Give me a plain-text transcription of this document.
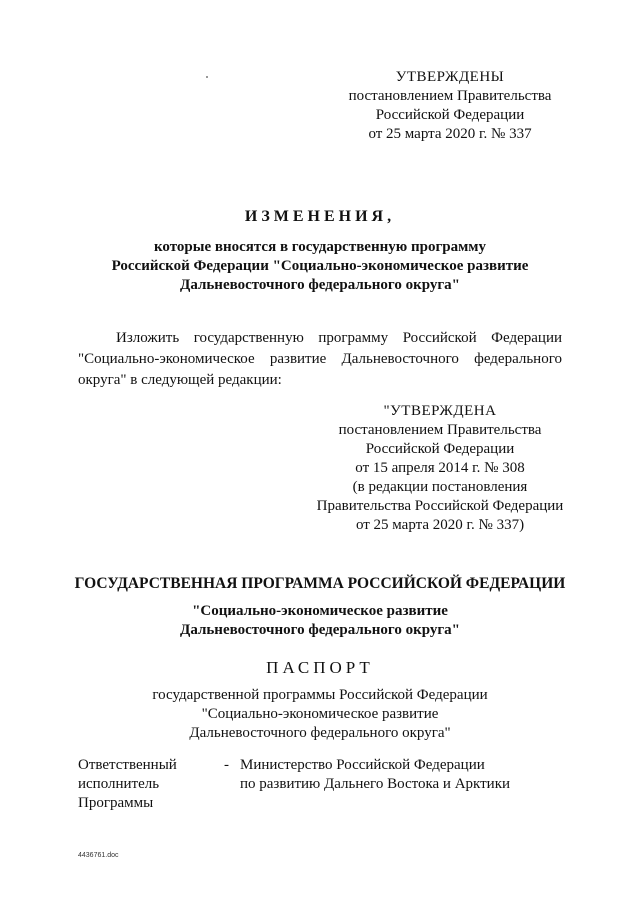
УТВЕРЖДЕНЫ
постановлением Правительства
Российской Федерации
от 25 марта 2020 г. № 337
ИЗМЕНЕНИЯ,
которые вносятся в государственную программу
Российской Федерации "Социально-экономическое развитие
Дальневосточного федерального округа"
Изложить государственную программу Российской Федерации "Социально-экономическое развитие Дальневосточного федерального округа" в следующей редакции:
"УТВЕРЖДЕНА
постановлением Правительства
Российской Федерации
от 15 апреля 2014 г. № 308
(в редакции постановления
Правительства Российской Федерации
от 25 марта 2020 г. № 337)
ГОСУДАРСТВЕННАЯ ПРОГРАММА РОССИЙСКОЙ ФЕДЕРАЦИИ
"Социально-экономическое развитие
Дальневосточного федерального округа"
ПАСПОРТ
государственной программы Российской Федерации
"Социально-экономическое развитие
Дальневосточного федерального округа"
Ответственный
исполнитель
Программы
- Министерство Российской Федерации
по развитию Дальнего Востока и Арктики
4436761.doc
